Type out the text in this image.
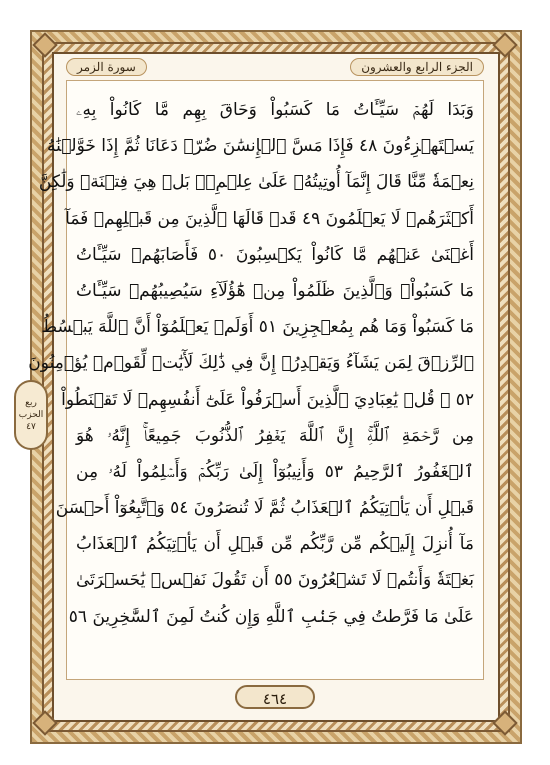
الجزء الرابع والعشرون
سورة الزمر
وَبَدَا لَهُمۡ سَيِّـَٔاتُ مَا كَسَبُواْ وَحَاقَ بِهِم مَّا كَانُواْ بِهِۦ
يَسۡتَهۡزِءُونَ ٤٨ فَإِذَا مَسَّ ٱلۡإِنسَٰنَ ضُرّٞ دَعَانَا ثُمَّ إِذَا خَوَّلۡنَٰهُ
نِعۡمَةٗ مِّنَّا قَالَ إِنَّمَآ أُوتِيتُهُۥ عَلَىٰ عِلۡمِۭۚ بَلۡ هِيَ فِتۡنَةٞ وَلَٰكِنَّ
أَكۡثَرَهُمۡ لَا يَعۡلَمُونَ ٤٩ قَدۡ قَالَهَا ٱلَّذِينَ مِن قَبۡلِهِمۡ فَمَآ
أَغۡنَىٰ عَنۡهُم مَّا كَانُواْ يَكۡسِبُونَ ٥٠ فَأَصَابَهُمۡ سَيِّـَٔاتُ
مَا كَسَبُواْۚ وَٱلَّذِينَ ظَلَمُواْ مِنۡ هَٰٓؤُلَآءِ سَيُصِيبُهُمۡ سَيِّـَٔاتُ
مَا كَسَبُواْ وَمَا هُم بِمُعۡجِزِينَ ٥١ أَوَلَمۡ يَعۡلَمُوٓاْ أَنَّ ٱللَّهَ يَبۡسُطُ
ٱلرِّزۡقَ لِمَن يَشَآءُ وَيَقۡدِرُۚ إِنَّ فِي ذَٰلِكَ لَأٓيَٰتٖ لِّقَوۡمٖ يُؤۡمِنُونَ
٥٢ ۞ قُلۡ يَٰعِبَادِيَ ٱلَّذِينَ أَسۡرَفُواْ عَلَىٰٓ أَنفُسِهِمۡ لَا تَقۡنَطُواْ
مِن رَّحۡمَةِ ٱللَّهِۚ إِنَّ ٱللَّهَ يَغۡفِرُ ٱلذُّنُوبَ جَمِيعًاۚ إِنَّهُۥ هُوَ
ٱلۡغَفُورُ ٱلرَّحِيمُ ٥٣ وَأَنِيبُوٓاْ إِلَىٰ رَبِّكُمۡ وَأَسۡلِمُواْ لَهُۥ مِن
قَبۡلِ أَن يَأۡتِيَكُمُ ٱلۡعَذَابُ ثُمَّ لَا تُنصَرُونَ ٥٤ وَٱتَّبِعُوٓاْ أَحۡسَنَ
مَآ أُنزِلَ إِلَيۡكُم مِّن رَّبِّكُم مِّن قَبۡلِ أَن يَأۡتِيَكُمُ ٱلۡعَذَابُ
بَغۡتَةٗ وَأَنتُمۡ لَا تَشۡعُرُونَ ٥٥ أَن تَقُولَ نَفۡسٞ يَٰحَسۡرَتَىٰ
عَلَىٰ مَا فَرَّطتُ فِي جَنۢبِ ٱللَّهِ وَإِن كُنتُ لَمِنَ ٱلسَّٰخِرِينَ ٥٦
ربع
الحزب
٤٧
٤٦٤
